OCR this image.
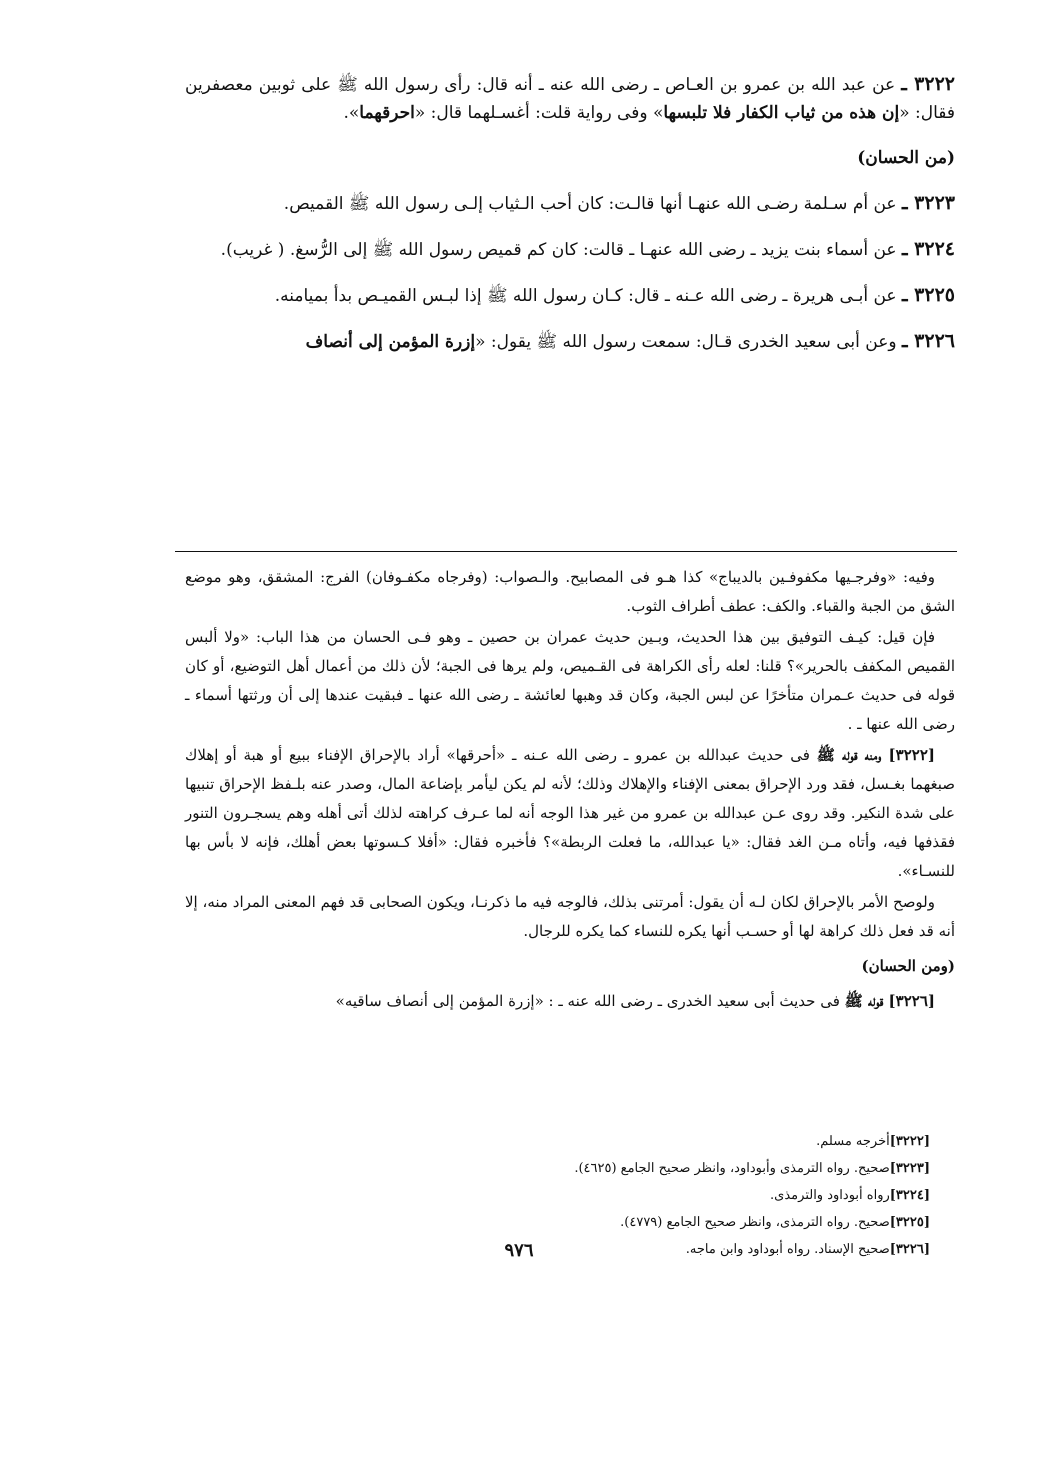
٣٢٢٢ ـ عن عبد الله بن عمرو بن العـاص ـ رضى الله عنه ـ أنه قال: رأى رسول الله ﷺ على ثوبين معصفرين فقال: «إن هذه من ثياب الكفار فلا تلبسها» وفى رواية قلت: أغسـلهما قال: «احرقهما».

(من الحسان)

٣٢٢٣ ـ عن أم سـلمة رضـى الله عنهـا أنها قالـت: كان أحب الـثياب إلـى رسول الله ﷺ القميص.

٣٢٢٤ ـ عن أسماء بنت يزيد ـ رضى الله عنهـا ـ قالت: كان كم قميص رسول الله ﷺ إلى الرُّسغ. ( غريب).

٣٢٢٥ ـ عن أبـى هريرة ـ رضى الله عـنه ـ قال: كـان رسول الله ﷺ إذا لبـس القميـص بدأ بميامنه.

٣٢٢٦ ـ وعن أبى سعيد الخدرى قـال: سمعت رسول الله ﷺ يقول: «إزرة المؤمن إلى أنصاف

وفيه: «وفرجـيها مكفوفـين بالديباج» كذا هـو فى المصابيح. والـصواب: (وفرجاه مكفـوفان) الفرج: المشقق، وهو موضع الشق من الجبة والقباء. والكف: عطف أطراف الثوب.

فإن قيل: كيـف التوفيق بين هذا الحديث، وبـين حديث عمران بن حصين ـ وهو فـى الحسان من هذا الباب: «ولا ألبس القميص المكفف بالحرير»؟ قلنا: لعله رأى الكراهة فى القـميص، ولم يرها فى الجبة؛ لأن ذلك من أعمال أهل التوضيع، أو كان قوله فى حديث عـمران متأخرًا عن لبس الجبة، وكان قد وهبها لعائشة ـ رضى الله عنها ـ فبقيت عندها إلى أن ورثتها أسماء ـ رضى الله عنها ـ .

[٣٢٢٢] ومنه قوله ﷺ فى حديث عبدالله بن عمرو ـ رضى الله عـنه ـ «أحرقها» أراد بالإحراق الإفناء ببيع أو هبة أو إهلاك صبغهما بغـسل، فقد ورد الإحراق بمعنى الإفناء والإهلاك وذلك؛ لأنه لم يكن ليأمر بإضاعة المال، وصدر عنه بلـفظ الإحراق تنبيها على شدة النكير. وقد روى عـن عبدالله بن عمرو من غير هذا الوجه أنه لما عـرف كراهته لذلك أتى أهله وهم يسجـرون التنور فقذفها فيه، وأتاه مـن الغد فقال: «يا عبدالله، ما فعلت الربطة»؟ فأخبره فقال: «أفلا كـسوتها بعض أهلك، فإنه لا بأس بها للنسـاء».

ولوصح الأمر بالإحراق لكان لـه أن يقول: أمرتنى بذلك، فالوجه فيه ما ذكرنـا، ويكون الصحابى قد فهم المعنى المراد منه، إلا أنه قد فعل ذلك كراهة لها أو حسـب أنها يكره للنساء كما يكره للرجال.

(ومن الحسان)

[٣٢٢٦] قوله ﷺ فى حديث أبى سعيد الخدرى ـ رضى الله عنه ـ : «إزرة المؤمن إلى أنصاف ساقيه»

[٣٢٢٢]أخرجه مسلم.
[٣٢٢٣]صحيح. رواه الترمذى وأبوداود، وانظر صحيح الجامع (٤٦٢٥).
[٣٢٢٤]رواه أبوداود والترمذى.
[٣٢٢٥]صحيح. رواه الترمذى، وانظر صحيح الجامع (٤٧٧٩).
[٣٢٢٦]صحيح الإسناد. رواه أبوداود وابن ماجه.
٩٧٦
